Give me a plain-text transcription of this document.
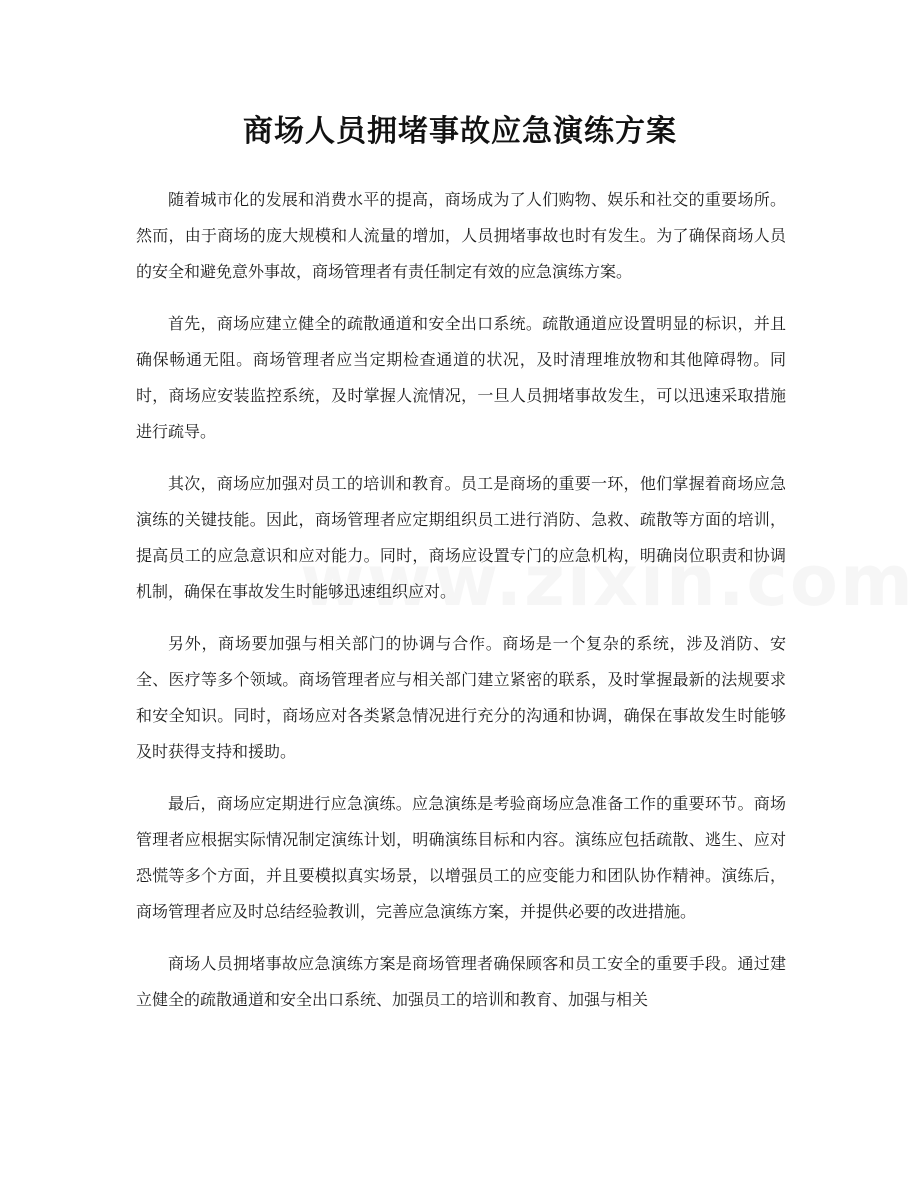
商场人员拥堵事故应急演练方案

随着城市化的发展和消费水平的提高，商场成为了人们购物、娱乐和社交的重要场所。然而，由于商场的庞大规模和人流量的增加，人员拥堵事故也时有发生。为了确保商场人员的安全和避免意外事故，商场管理者有责任制定有效的应急演练方案。

首先，商场应建立健全的疏散通道和安全出口系统。疏散通道应设置明显的标识，并且确保畅通无阻。商场管理者应当定期检查通道的状况，及时清理堆放物和其他障碍物。同时，商场应安装监控系统，及时掌握人流情况，一旦人员拥堵事故发生，可以迅速采取措施进行疏导。

其次，商场应加强对员工的培训和教育。员工是商场的重要一环，他们掌握着商场应急演练的关键技能。因此，商场管理者应定期组织员工进行消防、急救、疏散等方面的培训，提高员工的应急意识和应对能力。同时，商场应设置专门的应急机构，明确岗位职责和协调机制，确保在事故发生时能够迅速组织应对。

另外，商场要加强与相关部门的协调与合作。商场是一个复杂的系统，涉及消防、安全、医疗等多个领域。商场管理者应与相关部门建立紧密的联系，及时掌握最新的法规要求和安全知识。同时，商场应对各类紧急情况进行充分的沟通和协调，确保在事故发生时能够及时获得支持和援助。

最后，商场应定期进行应急演练。应急演练是考验商场应急准备工作的重要环节。商场管理者应根据实际情况制定演练计划，明确演练目标和内容。演练应包括疏散、逃生、应对恐慌等多个方面，并且要模拟真实场景，以增强员工的应变能力和团队协作精神。演练后，商场管理者应及时总结经验教训，完善应急演练方案，并提供必要的改进措施。

商场人员拥堵事故应急演练方案是商场管理者确保顾客和员工安全的重要手段。通过建立健全的疏散通道和安全出口系统、加强员工的培训和教育、加强与相关
